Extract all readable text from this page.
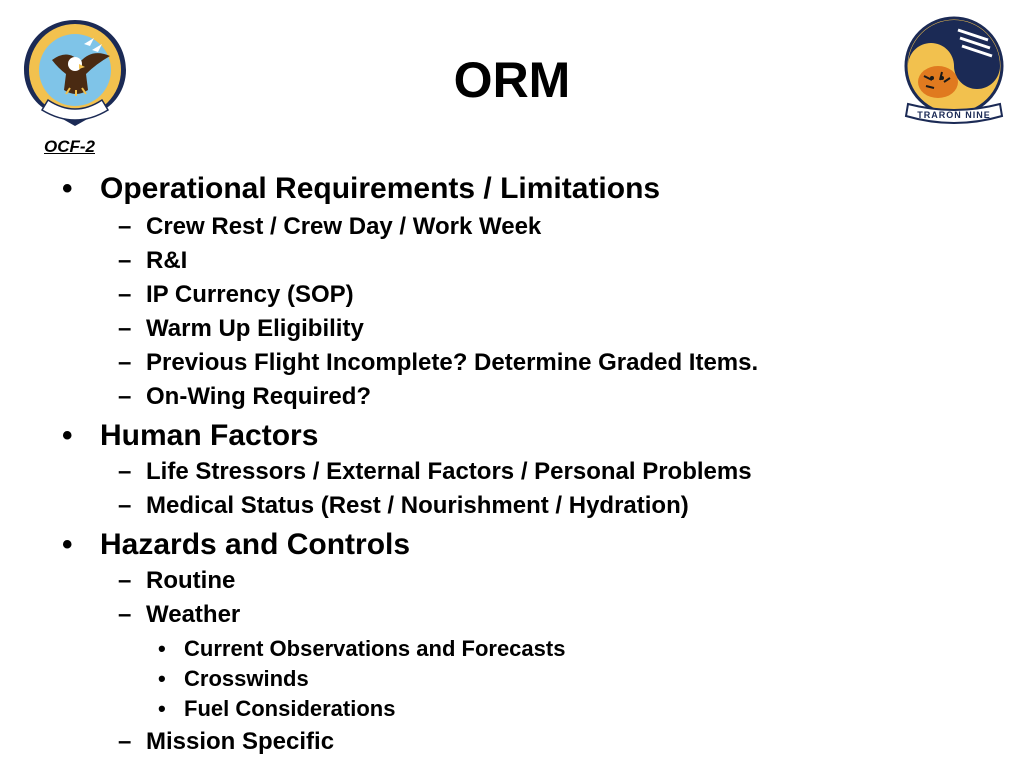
TRARON NINE
ORM
OCF-2
• Operational Requirements / Limitations
– Crew Rest / Crew Day / Work Week
– R&I
– IP Currency (SOP)
– Warm Up Eligibility
– Previous Flight Incomplete? Determine Graded Items.
– On-Wing Required?
• Human Factors
– Life Stressors / External Factors / Personal Problems
– Medical Status (Rest / Nourishment / Hydration)
• Hazards and Controls
– Routine
– Weather
• Current Observations and Forecasts
• Crosswinds
• Fuel Considerations
– Mission Specific
